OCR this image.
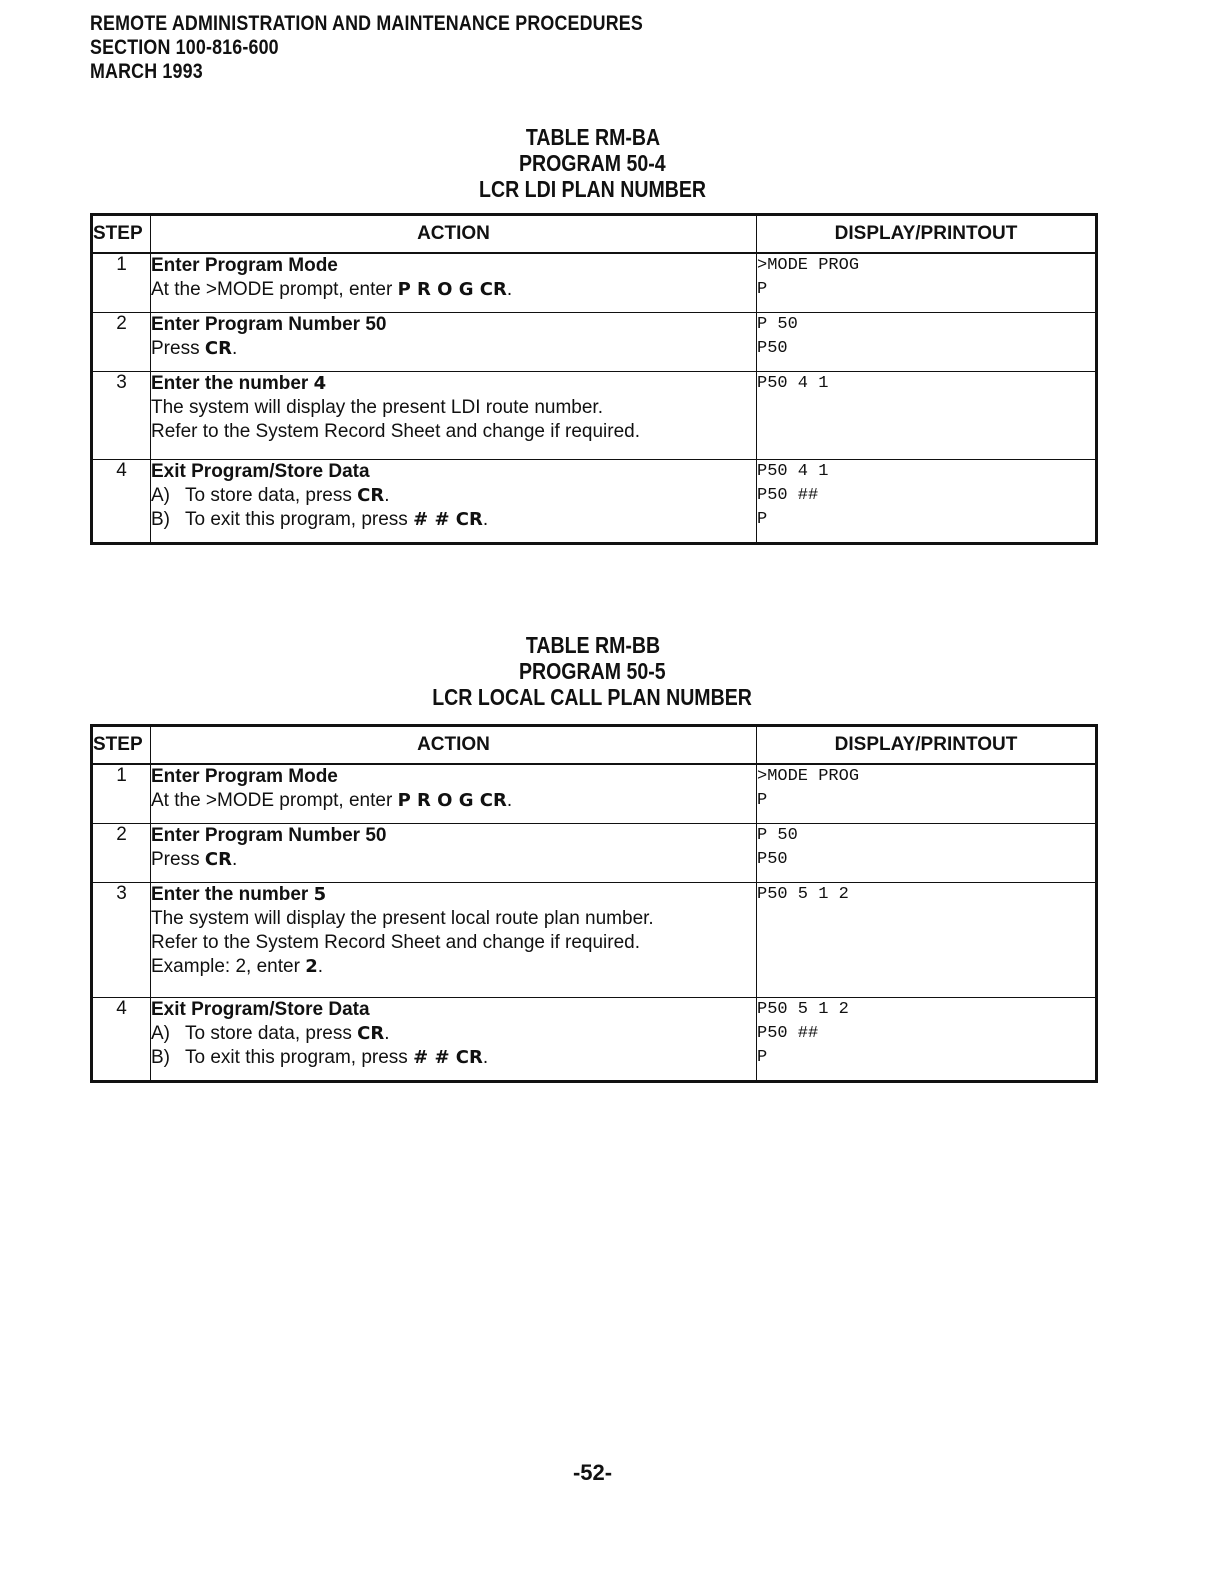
REMOTE ADMINISTRATION AND MAINTENANCE PROCEDURES
SECTION 100-816-600
MARCH 1993
TABLE RM-BA
PROGRAM 50-4
LCR LDI PLAN NUMBER
STEP	ACTION	DISPLAY/PRINTOUT
1	Enter Program Mode
At the >MODE prompt, enter P R O G CR.	>MODE PROG
P

2	Enter Program Number 50
Press CR.	P 50
P50

3	Enter the number 4
The system will display the present LDI route number.
Refer to the System Record Sheet and change if required.	P50 4 1

4	Exit Program/Store Data
A) To store data, press CR.
B) To exit this program, press # # CR.	P50 4 1
P50 ##
P
TABLE RM-BB
PROGRAM 50-5
LCR LOCAL CALL PLAN NUMBER
STEP	ACTION	DISPLAY/PRINTOUT
1	Enter Program Mode
At the >MODE prompt, enter P R O G CR.	>MODE PROG
P

2	Enter Program Number 50
Press CR.	P 50
P50

3	Enter the number 5
The system will display the present local route plan number.
Refer to the System Record Sheet and change if required.
Example: 2, enter 2.	P50 5 1 2

4	Exit Program/Store Data
A) To store data, press CR.
B) To exit this program, press # # CR.	P50 5 1 2
P50 ##
P
-52-
